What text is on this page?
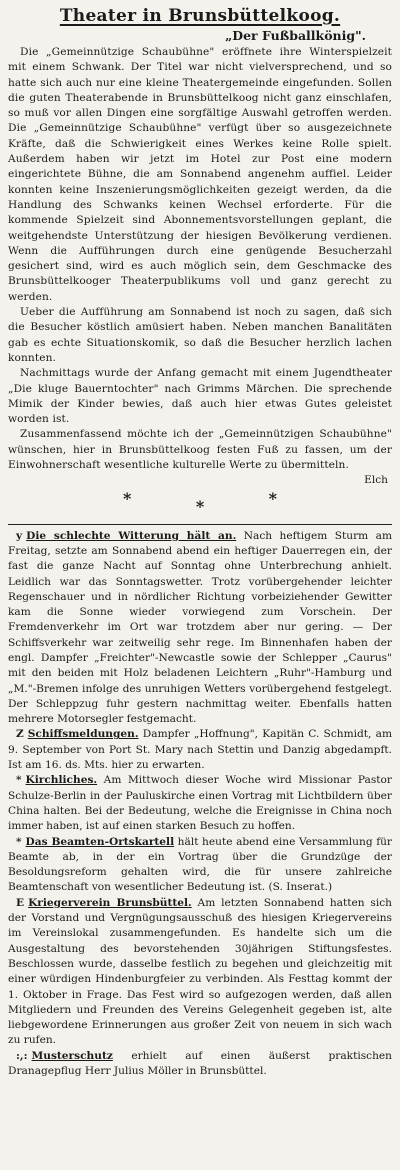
Theater in Brunsbüttelkoog.
„Der Fußballkönig".

Die „Gemeinnützige Schaubühne" eröffnete ihre Winterspielzeit mit einem Schwank. Der Titel war nicht vielversprechend, und so hatte sich auch nur eine kleine Theatergemeinde eingefunden. Sollen die guten Theaterabende in Brunsbüttelkoog nicht ganz einschlafen, so muß vor allen Dingen eine sorgfältige Auswahl getroffen werden. Die „Gemeinnützige Schaubühne" verfügt über so ausgezeichnete Kräfte, daß die Schwierigkeit eines Werkes keine Rolle spielt. Außerdem haben wir jetzt im Hotel zur Post eine modern eingerichtete Bühne, die am Sonnabend angenehm auffiel. Leider konnten keine Inszenierungsmöglichkeiten gezeigt werden, da die Handlung des Schwanks keinen Wechsel erforderte. Für die kommende Spielzeit sind Abonnementsvorstellungen geplant, die weitgehendste Unterstützung der hiesigen Bevölkerung verdienen. Wenn die Aufführungen durch eine genügende Besucherzahl gesichert sind, wird es auch möglich sein, dem Geschmacke des Brunsbüttelkooger Theaterpublikums voll und ganz gerecht zu werden.

Ueber die Aufführung am Sonnabend ist noch zu sagen, daß sich die Besucher köstlich amüsiert haben. Neben manchen Banalitäten gab es echte Situationskomik, so daß die Besucher herzlich lachen konnten.

Nachmittags wurde der Anfang gemacht mit einem Jugendtheater „Die kluge Bauerntochter" nach Grimms Märchen. Die sprechende Mimik der Kinder bewies, daß auch hier etwas Gutes geleistet worden ist.

Zusammenfassend möchte ich der „Gemeinnützigen Schaubühne" wünschen, hier in Brunsbüttelkoog festen Fuß zu fassen, um der Einwohnerschaft wesentliche kulturelle Werte zu übermitteln.

Elch
*	*	*

y Die schlechte Witterung hält an. Nach heftigem Sturm am Freitag, setzte am Sonnabend abend ein heftiger Dauerregen ein, der fast die ganze Nacht auf Sonntag ohne Unterbrechung anhielt. Leidlich war das Sonntagswetter. Trotz vorübergehender leichter Regenschauer und in nördlicher Richtung vorbeiziehender Gewitter kam die Sonne wieder vorwiegend zum Vorschein. Der Fremdenverkehr im Ort war trotzdem aber nur gering. — Der Schiffsverkehr war zeitweilig sehr rege. Im Binnenhafen haben der engl. Dampfer „Freichter"-Newcastle sowie der Schlepper „Caurus" mit den beiden mit Holz beladenen Leichtern „Ruhr"-Hamburg und „M."-Bremen infolge des unruhigen Wetters vorübergehend festgelegt. Der Schleppzug fuhr gestern nachmittag weiter. Ebenfalls hatten mehrere Motorsegler festgemacht.

Z Schiffsmeldungen. Dampfer „Hoffnung", Kapitän C. Schmidt, am 9. September von Port St. Mary nach Stettin und Danzig abgedampft. Ist am 16. ds. Mts. hier zu erwarten.

* Kirchliches. Am Mittwoch dieser Woche wird Missionar Pastor Schulze-Berlin in der Pauluskirche einen Vortrag mit Lichtbildern über China halten. Bei der Bedeutung, welche die Ereignisse in China noch immer haben, ist auf einen starken Besuch zu hoffen.

* Das Beamten-Ortskartell hält heute abend eine Versammlung für Beamte ab, in der ein Vortrag über die Grundzüge der Besoldungsreform gehalten wird, die für unsere zahlreiche Beamtenschaft von wesentlicher Bedeutung ist. (S. Inserat.)

E Kriegerverein Brunsbüttel. Am letzten Sonnabend hatten sich der Vorstand und Vergnügungsausschuß des hiesigen Kriegervereins im Vereinslokal zusammengefunden. Es handelte sich um die Ausgestaltung des bevorstehenden 30jährigen Stiftungsfestes. Beschlossen wurde, dasselbe festlich zu begehen und gleichzeitig mit einer würdigen Hindenburgfeier zu verbinden. Als Festtag kommt der 1. Oktober in Frage. Das Fest wird so aufgezogen werden, daß allen Mitgliedern und Freunden des Vereins Gelegenheit gegeben ist, alte liebgewordene Erinnerungen aus großer Zeit von neuem in sich wach zu rufen.

:,: Musterschutz erhielt auf einen äußerst praktischen Dranagepflug Herr Julius Möller in Brunsbüttel.
